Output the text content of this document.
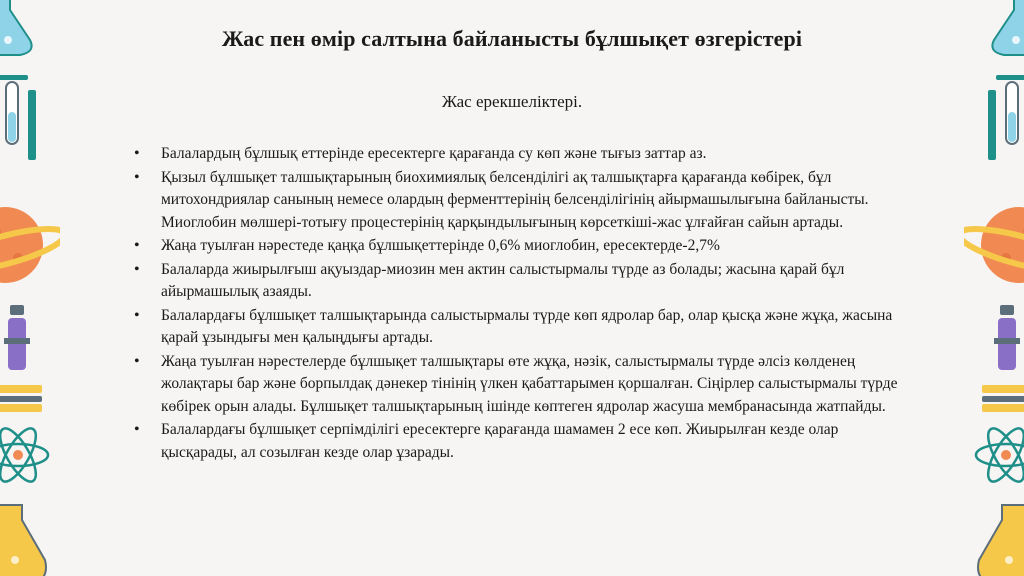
Жас пен өмір салтына байланысты бұлшықет өзгерістері
Жас ерекшеліктері.
• Балалардың бұлшық еттерінде ересектерге қарағанда су көп және тығыз заттар аз.
• Қызыл бұлшықет талшықтарының биохимиялық белсенділігі ақ талшықтарға қарағанда көбірек, бұл митохондриялар санының немесе олардың ферменттерінің белсенділігінің айырмашылығына байланысты. Миоглобин мөлшері-тотығу процестерінің қарқындылығының көрсеткіші-жас ұлғайған сайын артады.
• Жаңа туылған нәрестеде қаңқа бұлшықеттерінде 0,6% миоглобин, ересектерде-2,7%
• Балаларда жиырылғыш ақуыздар-миозин мен актин салыстырмалы түрде аз болады; жасына қарай бұл айырмашылық азаяды.
• Балалардағы бұлшықет талшықтарында салыстырмалы түрде көп ядролар бар, олар қысқа және жұқа, жасына қарай ұзындығы мен қалыңдығы артады.
• Жаңа туылған нәрестелерде бұлшықет талшықтары өте жұқа, нәзік, салыстырмалы түрде әлсіз көлденең жолақтары бар және борпылдақ дәнекер тінінің үлкен қабаттарымен қоршалған. Сіңірлер салыстырмалы түрде көбірек орын алады. Бұлшықет талшықтарының ішінде көптеген ядролар жасуша мембранасында жатпайды.
• Балалардағы бұлшықет серпімділігі ересектерге қарағанда шамамен 2 есе көп. Жиырылған кезде олар қысқарады, ал созылған кезде олар ұзарады.
